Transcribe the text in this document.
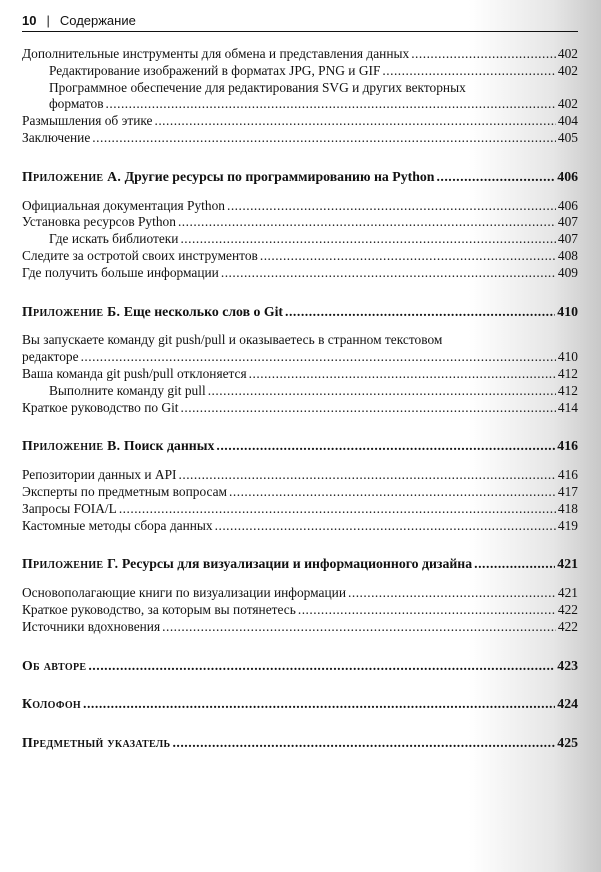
10 | Содержание
Дополнительные инструменты для обмена и представления данных .....	402
Редактирование изображений в форматах JPG, PNG и GIF .....	402
Программное обеспечение для редактирования SVG и других векторных
форматов .....	402
Размышления об этике .....	404
Заключение .....	405
Приложение А. Другие ресурсы по программированию на Python .....	406
Официальная документация Python .....	406
Установка ресурсов Python .....	407
Где искать библиотеки .....	407
Следите за остротой своих инструментов .....	408
Где получить больше информации .....	409
Приложение Б. Еще несколько слов о Git .....	410
Вы запускаете команду git push/pull и оказываетесь в странном текстовом
редакторе .....	410
Ваша команда git push/pull отклоняется .....	412
Выполните команду git pull .....	412
Краткое руководство по Git .....	414
Приложение В. Поиск данных .....	416
Репозитории данных и API .....	416
Эксперты по предметным вопросам .....	417
Запросы FOIA/L .....	418
Кастомные методы сбора данных .....	419
Приложение Г. Ресурсы для визуализации и информационного дизайна .....	421
Основополагающие книги по визуализации информации .....	421
Краткое руководство, за которым вы потянетесь .....	422
Источники вдохновения .....	422
Об авторе .....	423
Колофон .....	424
Предметный указатель .....	425
